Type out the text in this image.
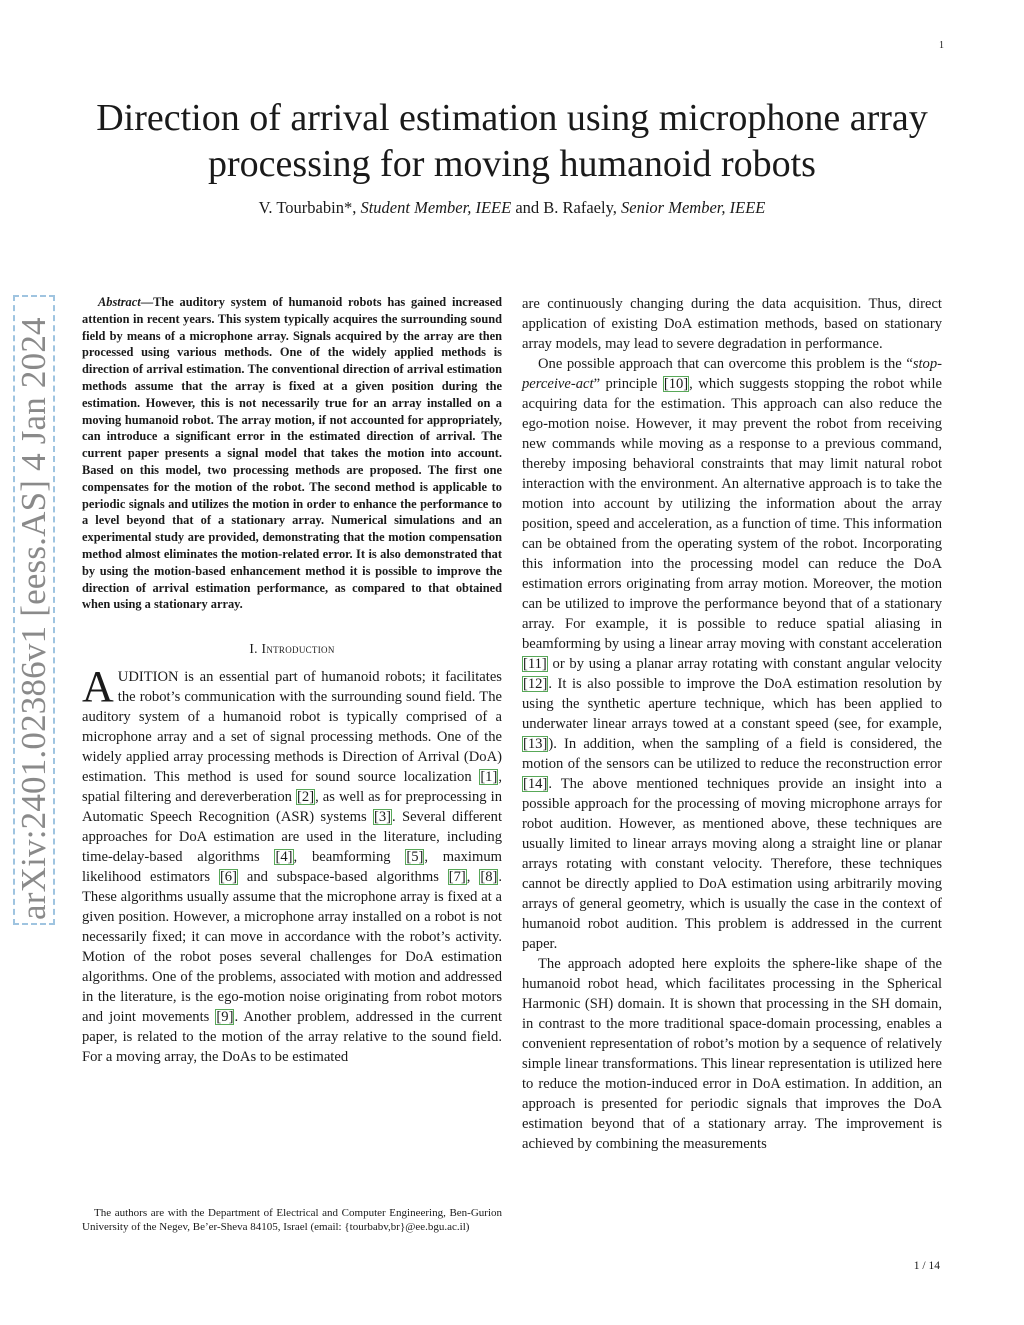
1
arXiv:2401.02386v1 [eess.AS] 4 Jan 2024
Direction of arrival estimation using microphone array processing for moving humanoid robots
V. Tourbabin*, Student Member, IEEE and B. Rafaely, Senior Member, IEEE

Abstract—The auditory system of humanoid robots has gained increased attention in recent years. This system typically acquires the surrounding sound field by means of a microphone array. Signals acquired by the array are then processed using various methods. One of the widely applied methods is direction of arrival estimation. The conventional direction of arrival estimation methods assume that the array is fixed at a given position during the estimation. However, this is not necessarily true for an array installed on a moving humanoid robot. The array motion, if not accounted for appropriately, can introduce a significant error in the estimated direction of arrival. The current paper presents a signal model that takes the motion into account. Based on this model, two processing methods are proposed. The first one compensates for the motion of the robot. The second method is applicable to periodic signals and utilizes the motion in order to enhance the performance to a level beyond that of a stationary array. Numerical simulations and an experimental study are provided, demonstrating that the motion compensation method almost eliminates the motion-related error. It is also demonstrated that by using the motion-based enhancement method it is possible to improve the direction of arrival estimation performance, as compared to that obtained when using a stationary array.

I. Introduction

AUDITION is an essential part of humanoid robots; it facilitates the robot’s communication with the surrounding sound field. The auditory system of a humanoid robot is typically comprised of a microphone array and a set of signal processing methods. One of the widely applied array processing methods is Direction of Arrival (DoA) estimation. This method is used for sound source localization [1], spatial filtering and dereverberation [2], as well as for preprocessing in Automatic Speech Recognition (ASR) systems [3]. Several different approaches for DoA estimation are used in the literature, including time-delay-based algorithms [4], beamforming [5], maximum likelihood estimators [6] and subspace-based algorithms [7], [8]. These algorithms usually assume that the microphone array is fixed at a given position. However, a microphone array installed on a robot is not necessarily fixed; it can move in accordance with the robot’s activity. Motion of the robot poses several challenges for DoA estimation algorithms. One of the problems, associated with motion and addressed in the literature, is the ego-motion noise originating from robot motors and joint movements [9]. Another problem, addressed in the current paper, is related to the motion of the array relative to the sound field. For a moving array, the DoAs to be estimated

The authors are with the Department of Electrical and Computer Engineering, Ben-Gurion University of the Negev, Be’er-Sheva 84105, Israel (email: {tourbabv,br}@ee.bgu.ac.il)

are continuously changing during the data acquisition. Thus, direct application of existing DoA estimation methods, based on stationary array models, may lead to severe degradation in performance.

One possible approach that can overcome this problem is the “stop-perceive-act” principle [10], which suggests stopping the robot while acquiring data for the estimation. This approach can also reduce the ego-motion noise. However, it may prevent the robot from receiving new commands while moving as a response to a previous command, thereby imposing behavioral constraints that may limit natural robot interaction with the environment. An alternative approach is to take the motion into account by utilizing the information about the array position, speed and acceleration, as a function of time. This information can be obtained from the operating system of the robot. Incorporating this information into the processing model can reduce the DoA estimation errors originating from array motion. Moreover, the motion can be utilized to improve the performance beyond that of a stationary array. For example, it is possible to reduce spatial aliasing in beamforming by using a linear array moving with constant acceleration [11] or by using a planar array rotating with constant angular velocity [12]. It is also possible to improve the DoA estimation resolution by using the synthetic aperture technique, which has been applied to underwater linear arrays towed at a constant speed (see, for example, [13]). In addition, when the sampling of a field is considered, the motion of the sensors can be utilized to reduce the reconstruction error [14]. The above mentioned techniques provide an insight into a possible approach for the processing of moving microphone arrays for robot audition. However, as mentioned above, these techniques are usually limited to linear arrays moving along a straight line or planar arrays rotating with constant velocity. Therefore, these techniques cannot be directly applied to DoA estimation using arbitrarily moving arrays of general geometry, which is usually the case in the context of humanoid robot audition. This problem is addressed in the current paper.

The approach adopted here exploits the sphere-like shape of the humanoid robot head, which facilitates processing in the Spherical Harmonic (SH) domain. It is shown that processing in the SH domain, in contrast to the more traditional space-domain processing, enables a convenient representation of robot’s motion by a sequence of relatively simple linear transformations. This linear representation is utilized here to reduce the motion-induced error in DoA estimation. In addition, an approach is presented for periodic signals that improves the DoA estimation beyond that of a stationary array. The improvement is achieved by combining the measurements

1 / 14
